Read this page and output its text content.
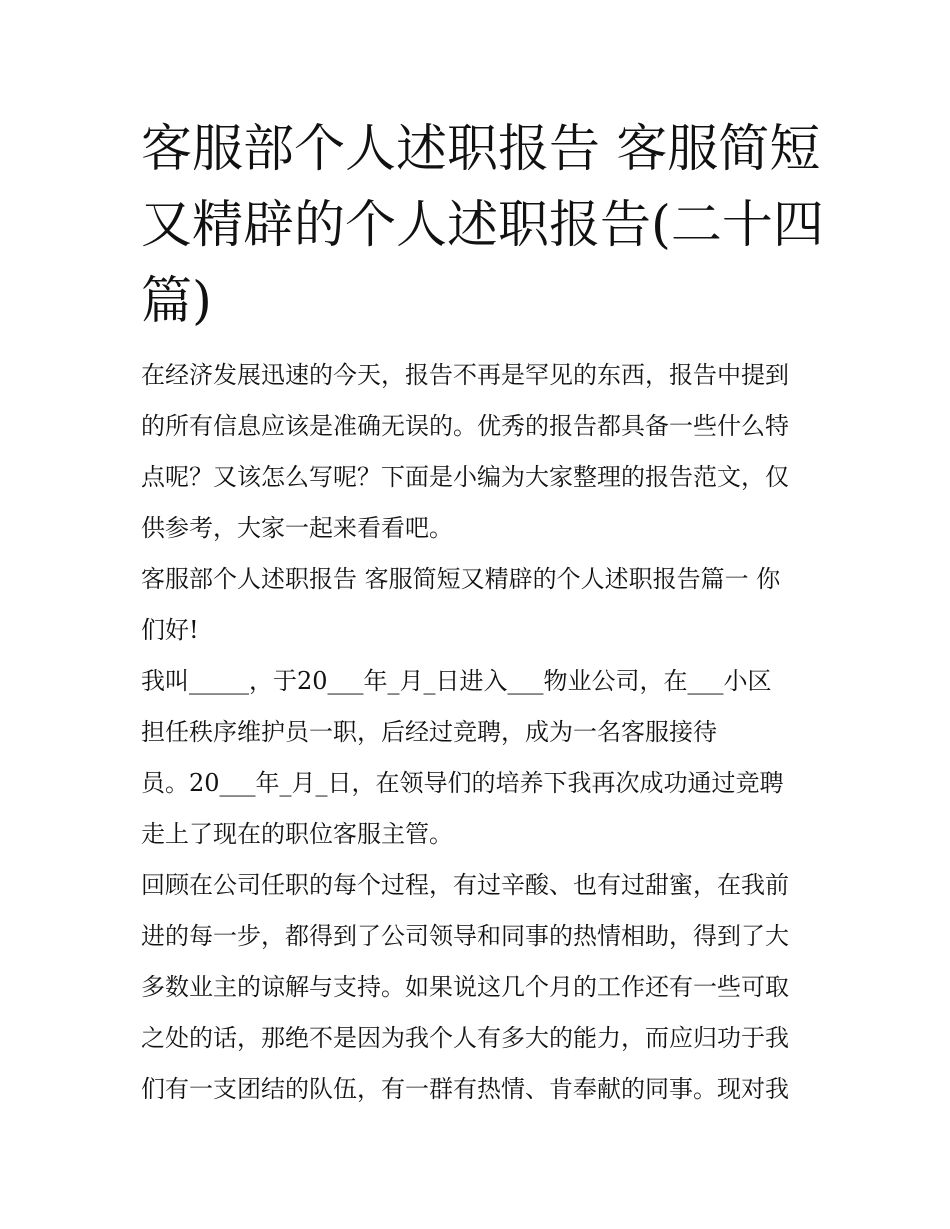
客服部个人述职报告 客服简短
又精辟的个人述职报告(二十四
篇)

在经济发展迅速的今天，报告不再是罕见的东西，报告中提到
的所有信息应该是准确无误的。优秀的报告都具备一些什么特
点呢？又该怎么写呢？下面是小编为大家整理的报告范文，仅
供参考，大家一起来看看吧。

客服部个人述职报告 客服简短又精辟的个人述职报告篇一 你
们好!

我叫_____，于20___年_月_日进入___物业公司，在___小区
担任秩序维护员一职，后经过竞聘，成为一名客服接待
员。20___年_月_日，在领导们的培养下我再次成功通过竞聘
走上了现在的职位客服主管。

回顾在公司任职的每个过程，有过辛酸、也有过甜蜜，在我前
进的每一步，都得到了公司领导和同事的热情相助，得到了大
多数业主的谅解与支持。如果说这几个月的工作还有一些可取
之处的话，那绝不是因为我个人有多大的能力，而应归功于我
们有一支团结的队伍，有一群有热情、肯奉献的同事。现对我
